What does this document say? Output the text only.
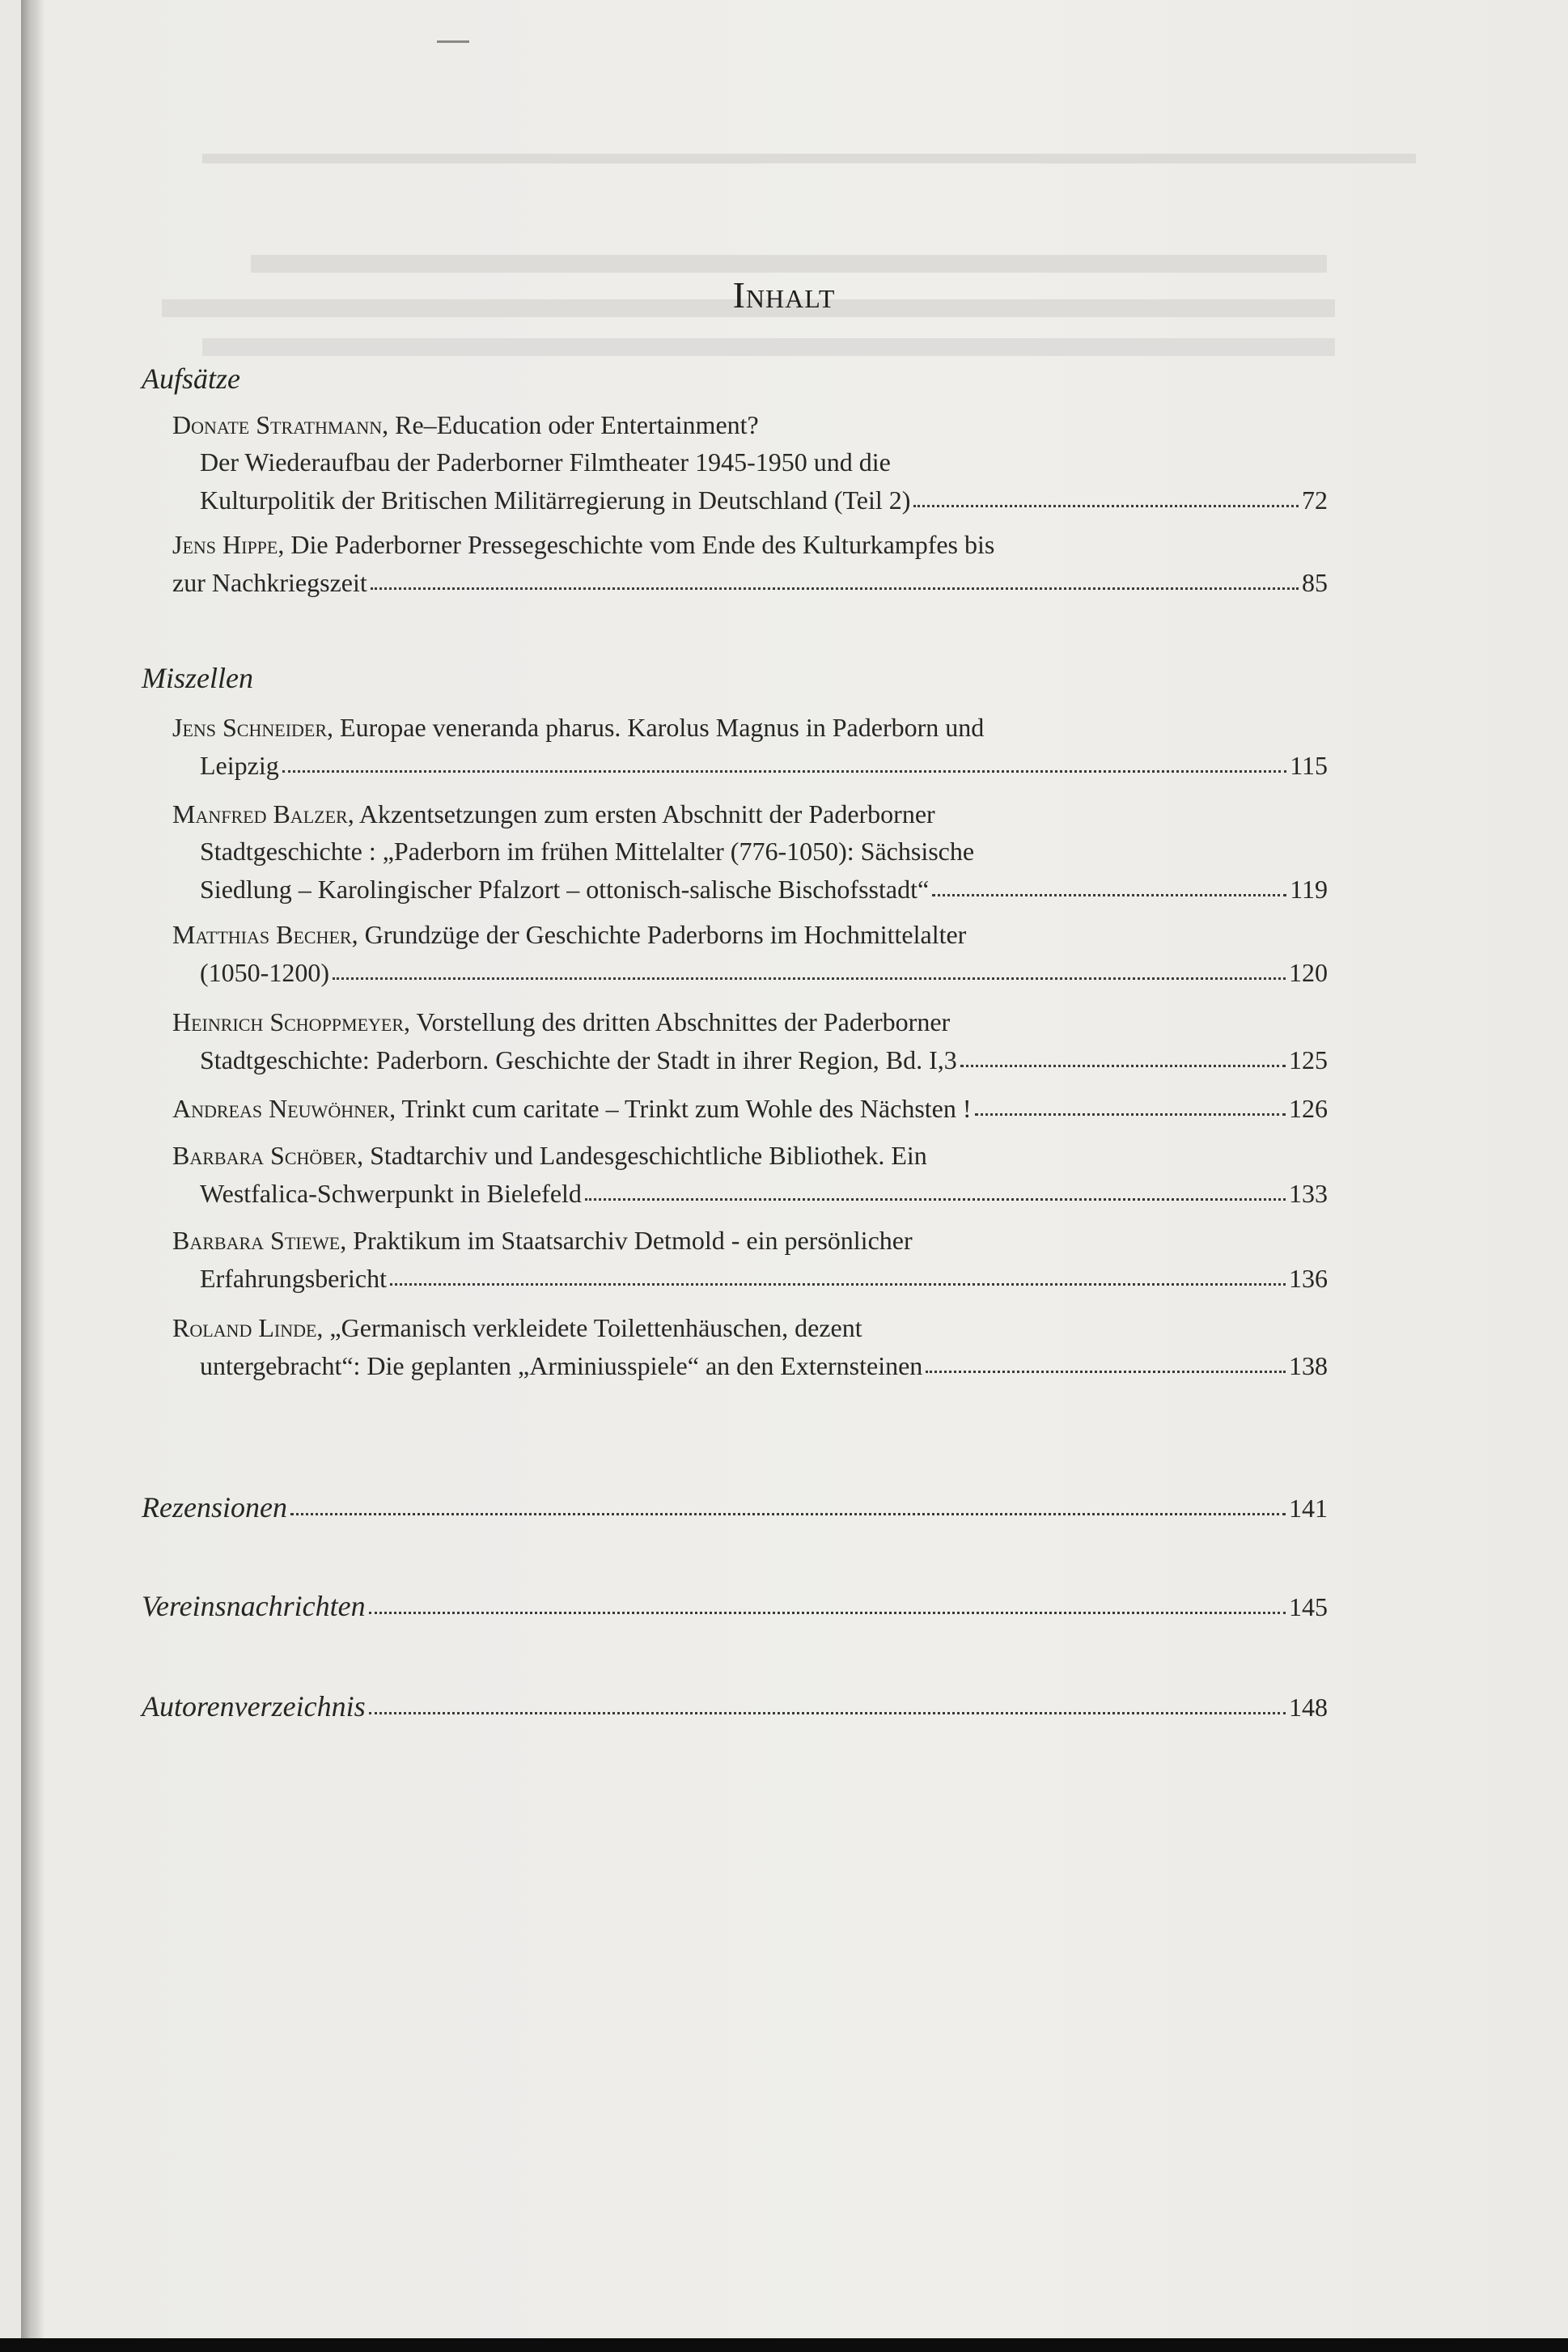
Inhalt
Aufsätze
Donate Strathmann, Re–Education oder Entertainment?
Der Wiederaufbau der Paderborner Filmtheater 1945-1950 und die
Kulturpolitik der Britischen Militärregierung in Deutschland (Teil 2)	72
Jens Hippe, Die Paderborner Pressegeschichte vom Ende des Kulturkampfes bis
zur Nachkriegszeit	85
Miszellen
Jens Schneider, Europae veneranda pharus. Karolus Magnus in Paderborn und
Leipzig	115
Manfred Balzer, Akzentsetzungen zum ersten Abschnitt der Paderborner
Stadtgeschichte : „Paderborn im frühen Mittelalter (776-1050): Sächsische
Siedlung – Karolingischer Pfalzort – ottonisch-salische Bischofsstadt“	119
Matthias Becher, Grundzüge der Geschichte Paderborns im Hochmittelalter
(1050-1200)	120
Heinrich Schoppmeyer, Vorstellung des dritten Abschnittes der Paderborner
Stadtgeschichte: Paderborn. Geschichte der Stadt in ihrer Region, Bd. I,3	125
Andreas Neuwöhner, Trinkt cum caritate – Trinkt zum Wohle des Nächsten !	126
Barbara Schöber, Stadtarchiv und Landesgeschichtliche Bibliothek. Ein
Westfalica-Schwerpunkt in Bielefeld	133
Barbara Stiewe, Praktikum im Staatsarchiv Detmold - ein persönlicher
Erfahrungsbericht	136
Roland Linde, „Germanisch verkleidete Toilettenhäuschen, dezent
untergebracht“: Die geplanten „Arminiusspiele“ an den Externsteinen	138
Rezensionen	141
Vereinsnachrichten	145
Autorenverzeichnis	148
